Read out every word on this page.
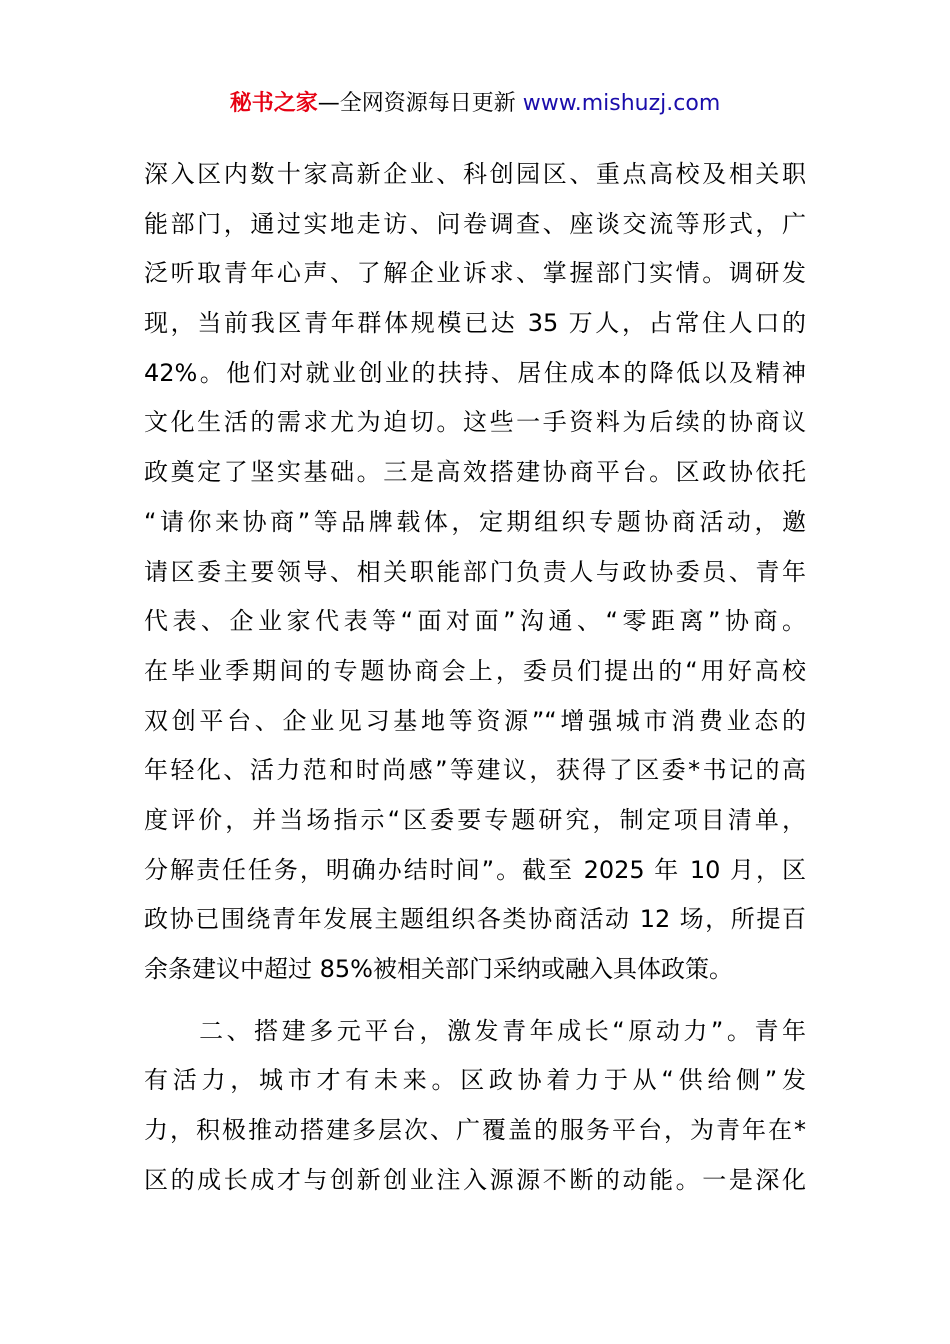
秘书之家—全网资源每日更新 www.mishuzj.com
深入区内数十家高新企业、科创园区、重点高校及相关职
能部门，通过实地走访、问卷调查、座谈交流等形式，广
泛听取青年心声、了解企业诉求、掌握部门实情。调研发
现，当前我区青年群体规模已达 35 万人，占常住人口的
42%。他们对就业创业的扶持、居住成本的降低以及精神
文化生活的需求尤为迫切。这些一手资料为后续的协商议
政奠定了坚实基础。三是高效搭建协商平台。区政协依托
“请你来协商”等品牌载体，定期组织专题协商活动，邀
请区委主要领导、相关职能部门负责人与政协委员、青年
代表、企业家代表等“面对面”沟通、“零距离”协商。
在毕业季期间的专题协商会上，委员们提出的“用好高校
双创平台、企业见习基地等资源”“增强城市消费业态的
年轻化、活力范和时尚感”等建议，获得了区委*书记的高
度评价，并当场指示“区委要专题研究，制定项目清单，
分解责任任务，明确办结时间”。截至 2025 年 10 月，区
政协已围绕青年发展主题组织各类协商活动 12 场，所提百
余条建议中超过 85%被相关部门采纳或融入具体政策。
　　二、搭建多元平台，激发青年成长“原动力”。青年
有活力，城市才有未来。区政协着力于从“供给侧”发
力，积极推动搭建多层次、广覆盖的服务平台，为青年在*
区的成长成才与创新创业注入源源不断的动能。一是深化
